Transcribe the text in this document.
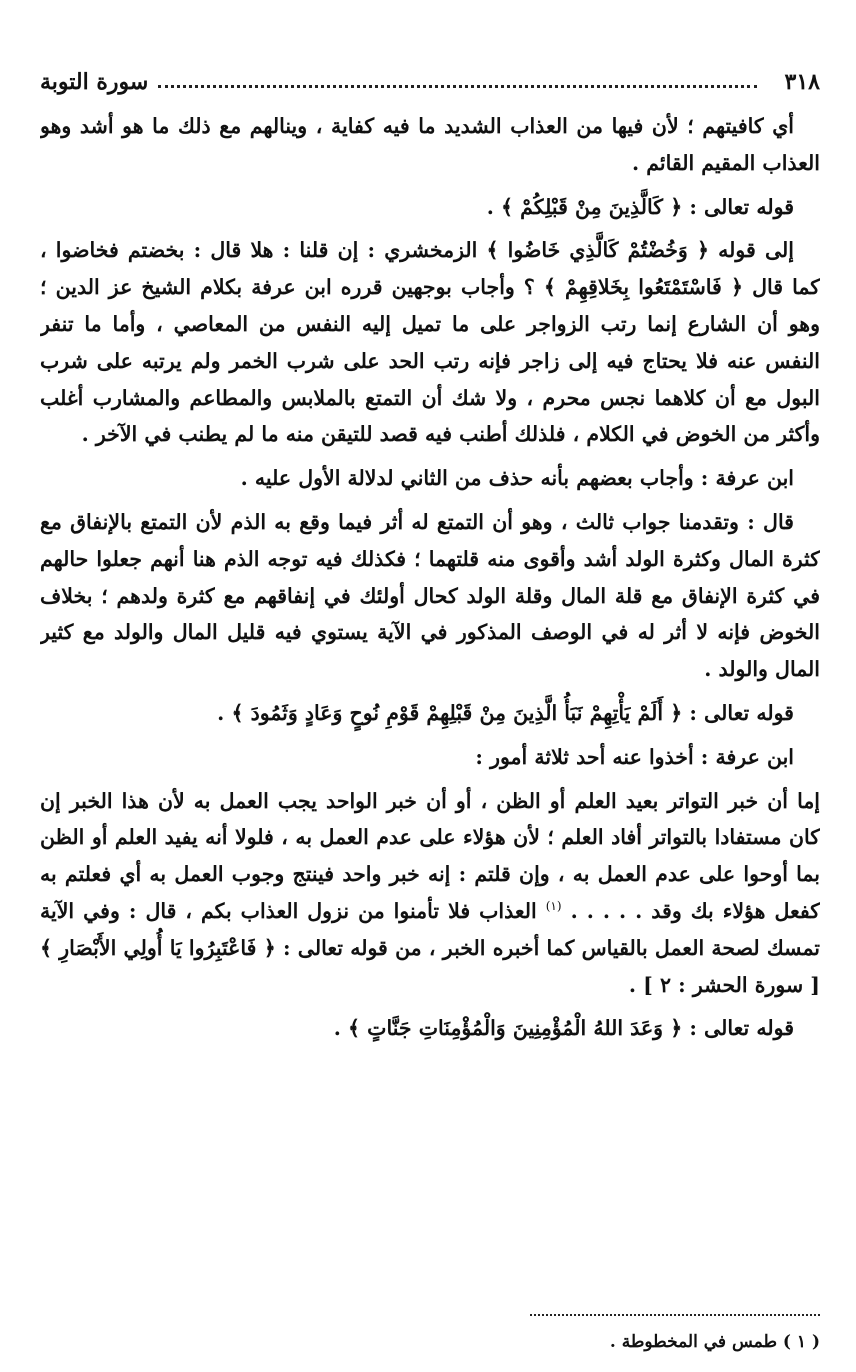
٣١٨
سورة التوبة

أي كافيتهم ؛ لأن فيها من العذاب الشديد ما فيه كفاية ، وينالهم مع ذلك ما هو أشد وهو العذاب المقيم القائم .

قوله تعالى : ﴿ كَالَّذِينَ مِنْ قَبْلِكُمْ ﴾ .

إلى قوله ﴿ وَخُضْتُمْ كَالَّذِي خَاضُوا ﴾ الزمخشري : إن قلنا : هلا قال : بخضتم فخاضوا ، كما قال ﴿ فَاسْتَمْتَعُوا بِخَلاقِهِمْ ﴾ ؟ وأجاب بوجهين قرره ابن عرفة بكلام الشيخ عز الدين ؛ وهو أن الشارع إنما رتب الزواجر على ما تميل إليه النفس من المعاصي ، وأما ما تنفر النفس عنه فلا يحتاج فيه إلى زاجر فإنه رتب الحد على شرب الخمر ولم يرتبه على شرب البول مع أن كلاهما نجس محرم ، ولا شك أن التمتع بالملابس والمطاعم والمشارب أغلب وأكثر من الخوض في الكلام ، فلذلك أطنب فيه قصد للتيقن منه ما لم يطنب في الآخر .

ابن عرفة : وأجاب بعضهم بأنه حذف من الثاني لدلالة الأول عليه .

قال : وتقدمنا جواب ثالث ، وهو أن التمتع له أثر فيما وقع به الذم لأن التمتع بالإنفاق مع كثرة المال وكثرة الولد أشد وأقوى منه قلتهما ؛ فكذلك فيه توجه الذم هنا أنهم جعلوا حالهم في كثرة الإنفاق مع قلة المال وقلة الولد كحال أولئك في إنفاقهم مع كثرة ولدهم ؛ بخلاف الخوض فإنه لا أثر له في الوصف المذكور في الآية يستوي فيه قليل المال والولد مع كثير المال والولد .

قوله تعالى : ﴿ أَلَمْ يَأْتِهِمْ نَبَأُ الَّذِينَ مِنْ قَبْلِهِمْ قَوْمِ نُوحٍ وَعَادٍ وَثَمُودَ ﴾ .

ابن عرفة : أخذوا عنه أحد ثلاثة أمور :

إما أن خبر التواتر بعيد العلم أو الظن ، أو أن خبر الواحد يجب العمل به لأن هذا الخبر إن كان مستفادا بالتواتر أفاد العلم ؛ لأن هؤلاء على عدم العمل به ، فلولا أنه يفيد العلم أو الظن بما أوحوا على عدم العمل به ، وإن قلتم : إنه خبر واحد فينتج وجوب العمل به أي فعلتم به كفعل هؤلاء بك وقد . . . . . $^{(١)}$ العذاب فلا تأمنوا من نزول العذاب بكم ، قال : وفي الآية تمسك لصحة العمل بالقياس كما أخبره الخبر ، من قوله تعالى : ﴿ فَاعْتَبِرُوا يَا أُولِي الأَبْصَارِ ﴾ [ سورة الحشر : ٢ ] .

قوله تعالى : ﴿ وَعَدَ اللهُ الْمُؤْمِنِينَ وَالْمُؤْمِنَاتِ جَنَّاتٍ ﴾ .

( ١ ) طمس في المخطوطة .
